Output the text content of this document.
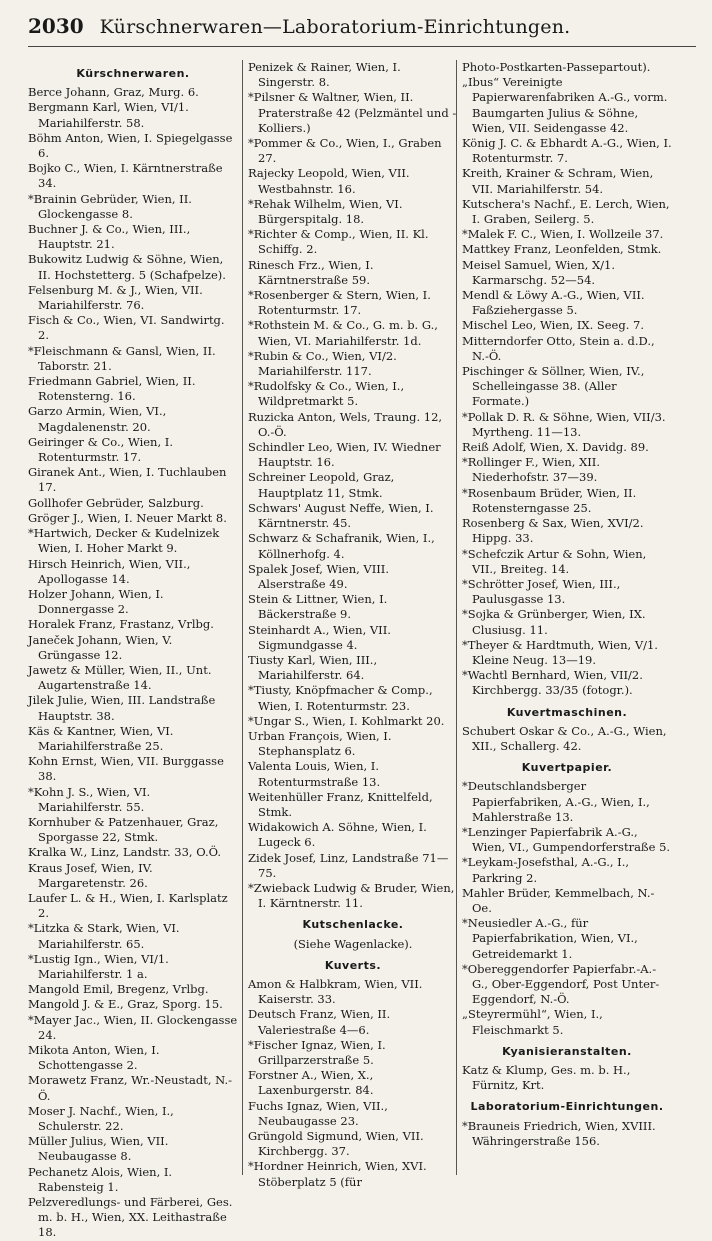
2030 Kürschnerwaren—Laboratorium-Einrichtungen.
Kürschnerwaren.
Berce Johann, Graz, Murg. 6.
Bergmann Karl, Wien, VI/1. Mariahilferstr. 58.
Böhm Anton, Wien, I. Spiegelgasse 6.
Bojko C., Wien, I. Kärntnerstraße 34.
*Brainin Gebrüder, Wien, II. Glockengasse 8.
Buchner J. & Co., Wien, III., Hauptstr. 21.
Bukowitz Ludwig & Söhne, Wien, II. Hochstetterg. 5 (Schafpelze).
Felsenburg M. & J., Wien, VII. Mariahilferstr. 76.
Fisch & Co., Wien, VI. Sandwirtg. 2.
*Fleischmann & Gansl, Wien, II. Taborstr. 21.
Friedmann Gabriel, Wien, II. Rotensterng. 16.
Garzo Armin, Wien, VI., Magdalenenstr. 20.
Geiringer & Co., Wien, I. Rotenturmstr. 17.
Giranek Ant., Wien, I. Tuchlauben 17.
Gollhofer Gebrüder, Salzburg.
Gröger J., Wien, I. Neuer Markt 8.
*Hartwich, Decker & Kudelnizek Wien, I. Hoher Markt 9.
Hirsch Heinrich, Wien, VII., Apollogasse 14.
Holzer Johann, Wien, I. Donnergasse 2.
Horalek Franz, Frastanz, Vrlbg.
Janeček Johann, Wien, V. Grüngasse 12.
Jawetz & Müller, Wien, II., Unt. Augartenstraße 14.
Jilek Julie, Wien, III. Landstraße Hauptstr. 38.
Käs & Kantner, Wien, VI. Mariahilferstraße 25.
Kohn Ernst, Wien, VII. Burggasse 38.
*Kohn J. S., Wien, VI. Mariahilferstr. 55.
Kornhuber & Patzenhauer, Graz, Sporgasse 22, Stmk.
Kralka W., Linz, Landstr. 33, O.Ö.
Kraus Josef, Wien, IV. Margaretenstr. 26.
Laufer L. & H., Wien, I. Karlsplatz 2.
*Litzka & Stark, Wien, VI. Mariahilferstr. 65.
*Lustig Ign., Wien, VI/1. Mariahilferstr. 1 a.
Mangold Emil, Bregenz, Vrlbg.
Mangold J. & E., Graz, Sporg. 15.
*Mayer Jac., Wien, II. Glockengasse 24.
Mikota Anton, Wien, I. Schottengasse 2.
Morawetz Franz, Wr.-Neustadt, N.-Ö.
Moser J. Nachf., Wien, I., Schulerstr. 22.
Müller Julius, Wien, VII. Neubaugasse 8.
Pechanetz Alois, Wien, I. Rabensteig 1.
Pelzveredlungs- und Färberei, Ges. m. b. H., Wien, XX. Leithastraße 18.
Penizek & Rainer, Wien, I. Singerstr. 8.
*Pilsner & Waltner, Wien, II. Praterstraße 42 (Pelzmäntel und -Kolliers.)
*Pommer & Co., Wien, I., Graben 27.
Rajecky Leopold, Wien, VII. Westbahnstr. 16.
*Rehak Wilhelm, Wien, VI. Bürgerspitalg. 18.
*Richter & Comp., Wien, II. Kl. Schiffg. 2.
Rinesch Frz., Wien, I. Kärntnerstraße 59.
*Rosenberger & Stern, Wien, I. Rotenturmstr. 17.
*Rothstein M. & Co., G. m. b. G., Wien, VI. Mariahilferstr. 1d.
*Rubin & Co., Wien, VI/2. Mariahilferstr. 117.
*Rudolfsky & Co., Wien, I., Wildpretmarkt 5.
Ruzicka Anton, Wels, Traung. 12, O.-Ö.
Schindler Leo, Wien, IV. Wiedner Hauptstr. 16.
Schreiner Leopold, Graz, Hauptplatz 11, Stmk.
Schwars' August Neffe, Wien, I. Kärntnerstr. 45.
Schwarz & Schafranik, Wien, I., Köllnerhofg. 4.
Spalek Josef, Wien, VIII. Alserstraße 49.
Stein & Littner, Wien, I. Bäckerstraße 9.
Steinhardt A., Wien, VII. Sigmundgasse 4.
Tiusty Karl, Wien, III., Mariahilferstr. 64.
*Tiusty, Knöpfmacher & Comp., Wien, I. Rotenturmstr. 23.
*Ungar S., Wien, I. Kohlmarkt 20.
Urban François, Wien, I. Stephansplatz 6.
Valenta Louis, Wien, I. Rotenturmstraße 13.
Weitenhüller Franz, Knittelfeld, Stmk.
Widakowich A. Söhne, Wien, I. Lugeck 6.
Zidek Josef, Linz, Landstraße 71—75.
*Zwieback Ludwig & Bruder, Wien, I. Kärntnerstr. 11.
Kutschenlacke.
(Siehe Wagenlacke).
Kuverts.
Amon & Halbkram, Wien, VII. Kaiserstr. 33.
Deutsch Franz, Wien, II. Valeriestraße 4—6.
*Fischer Ignaz, Wien, I. Grillparzerstraße 5.
Forstner A., Wien, X., Laxenburgerstr. 84.
Fuchs Ignaz, Wien, VII., Neubaugasse 23.
Grüngold Sigmund, Wien, VII. Kirchbergg. 37.
*Hordner Heinrich, Wien, XVI. Stöberplatz 5 (für
Photo-Postkarten-Passepartout).
„Ibus“ Vereinigte Papierwarenfabriken A.-G., vorm. Baumgarten Julius & Söhne, Wien, VII. Seidengasse 42.
König J. C. & Ebhardt A.-G., Wien, I. Rotenturmstr. 7.
Kreith, Krainer & Schram, Wien, VII. Mariahilferstr. 54.
Kutschera's Nachf., E. Lerch, Wien, I. Graben, Seilerg. 5.
*Malek F. C., Wien, I. Wollzeile 37.
Mattkey Franz, Leonfelden, Stmk.
Meisel Samuel, Wien, X/1. Karmarschg. 52—54.
Mendl & Löwy A.-G., Wien, VII. Faßziehergasse 5.
Mischel Leo, Wien, IX. Seeg. 7.
Mitterndorfer Otto, Stein a. d.D., N.-Ö.
Pischinger & Söllner, Wien, IV., Schelleingasse 38. (Aller Formate.)
*Pollak D. R. & Söhne, Wien, VII/3. Myrtheng. 11—13.
Reiß Adolf, Wien, X. Davidg. 89.
*Rollinger F., Wien, XII. Niederhofstr. 37—39.
*Rosenbaum Brüder, Wien, II. Rotensterngasse 25.
Rosenberg & Sax, Wien, XVI/2. Hippg. 33.
*Schefczik Artur & Sohn, Wien, VII., Breiteg. 14.
*Schrötter Josef, Wien, III., Paulusgasse 13.
*Sojka & Grünberger, Wien, IX. Clusiusg. 11.
*Theyer & Hardtmuth, Wien, V/1. Kleine Neug. 13—19.
*Wachtl Bernhard, Wien, VII/2. Kirchbergg. 33/35 (fotogr.).
Kuvertmaschinen.
Schubert Oskar & Co., A.-G., Wien, XII., Schallerg. 42.
Kuvertpapier.
*Deutschlandsberger Papierfabriken, A.-G., Wien, I., Mahlerstraße 13.
*Lenzinger Papierfabrik A.-G., Wien, VI., Gumpendorferstraße 5.
*Leykam-Josefsthal, A.-G., I., Parkring 2.
Mahler Brüder, Kemmelbach, N.-Oe.
*Neusiedler A.-G., für Papierfabrikation, Wien, VI., Getreidemarkt 1.
*Obereggendorfer Papierfabr.-A.-G., Ober-Eggendorf, Post Unter-Eggendorf, N.-Ö.
„Steyrermühl“, Wien, I., Fleischmarkt 5.
Kyanisieranstalten.
Katz & Klump, Ges. m. b. H., Fürnitz, Krt.
Laboratorium-Einrichtungen.
*Brauneis Friedrich, Wien, XVIII. Währingerstraße 156.
